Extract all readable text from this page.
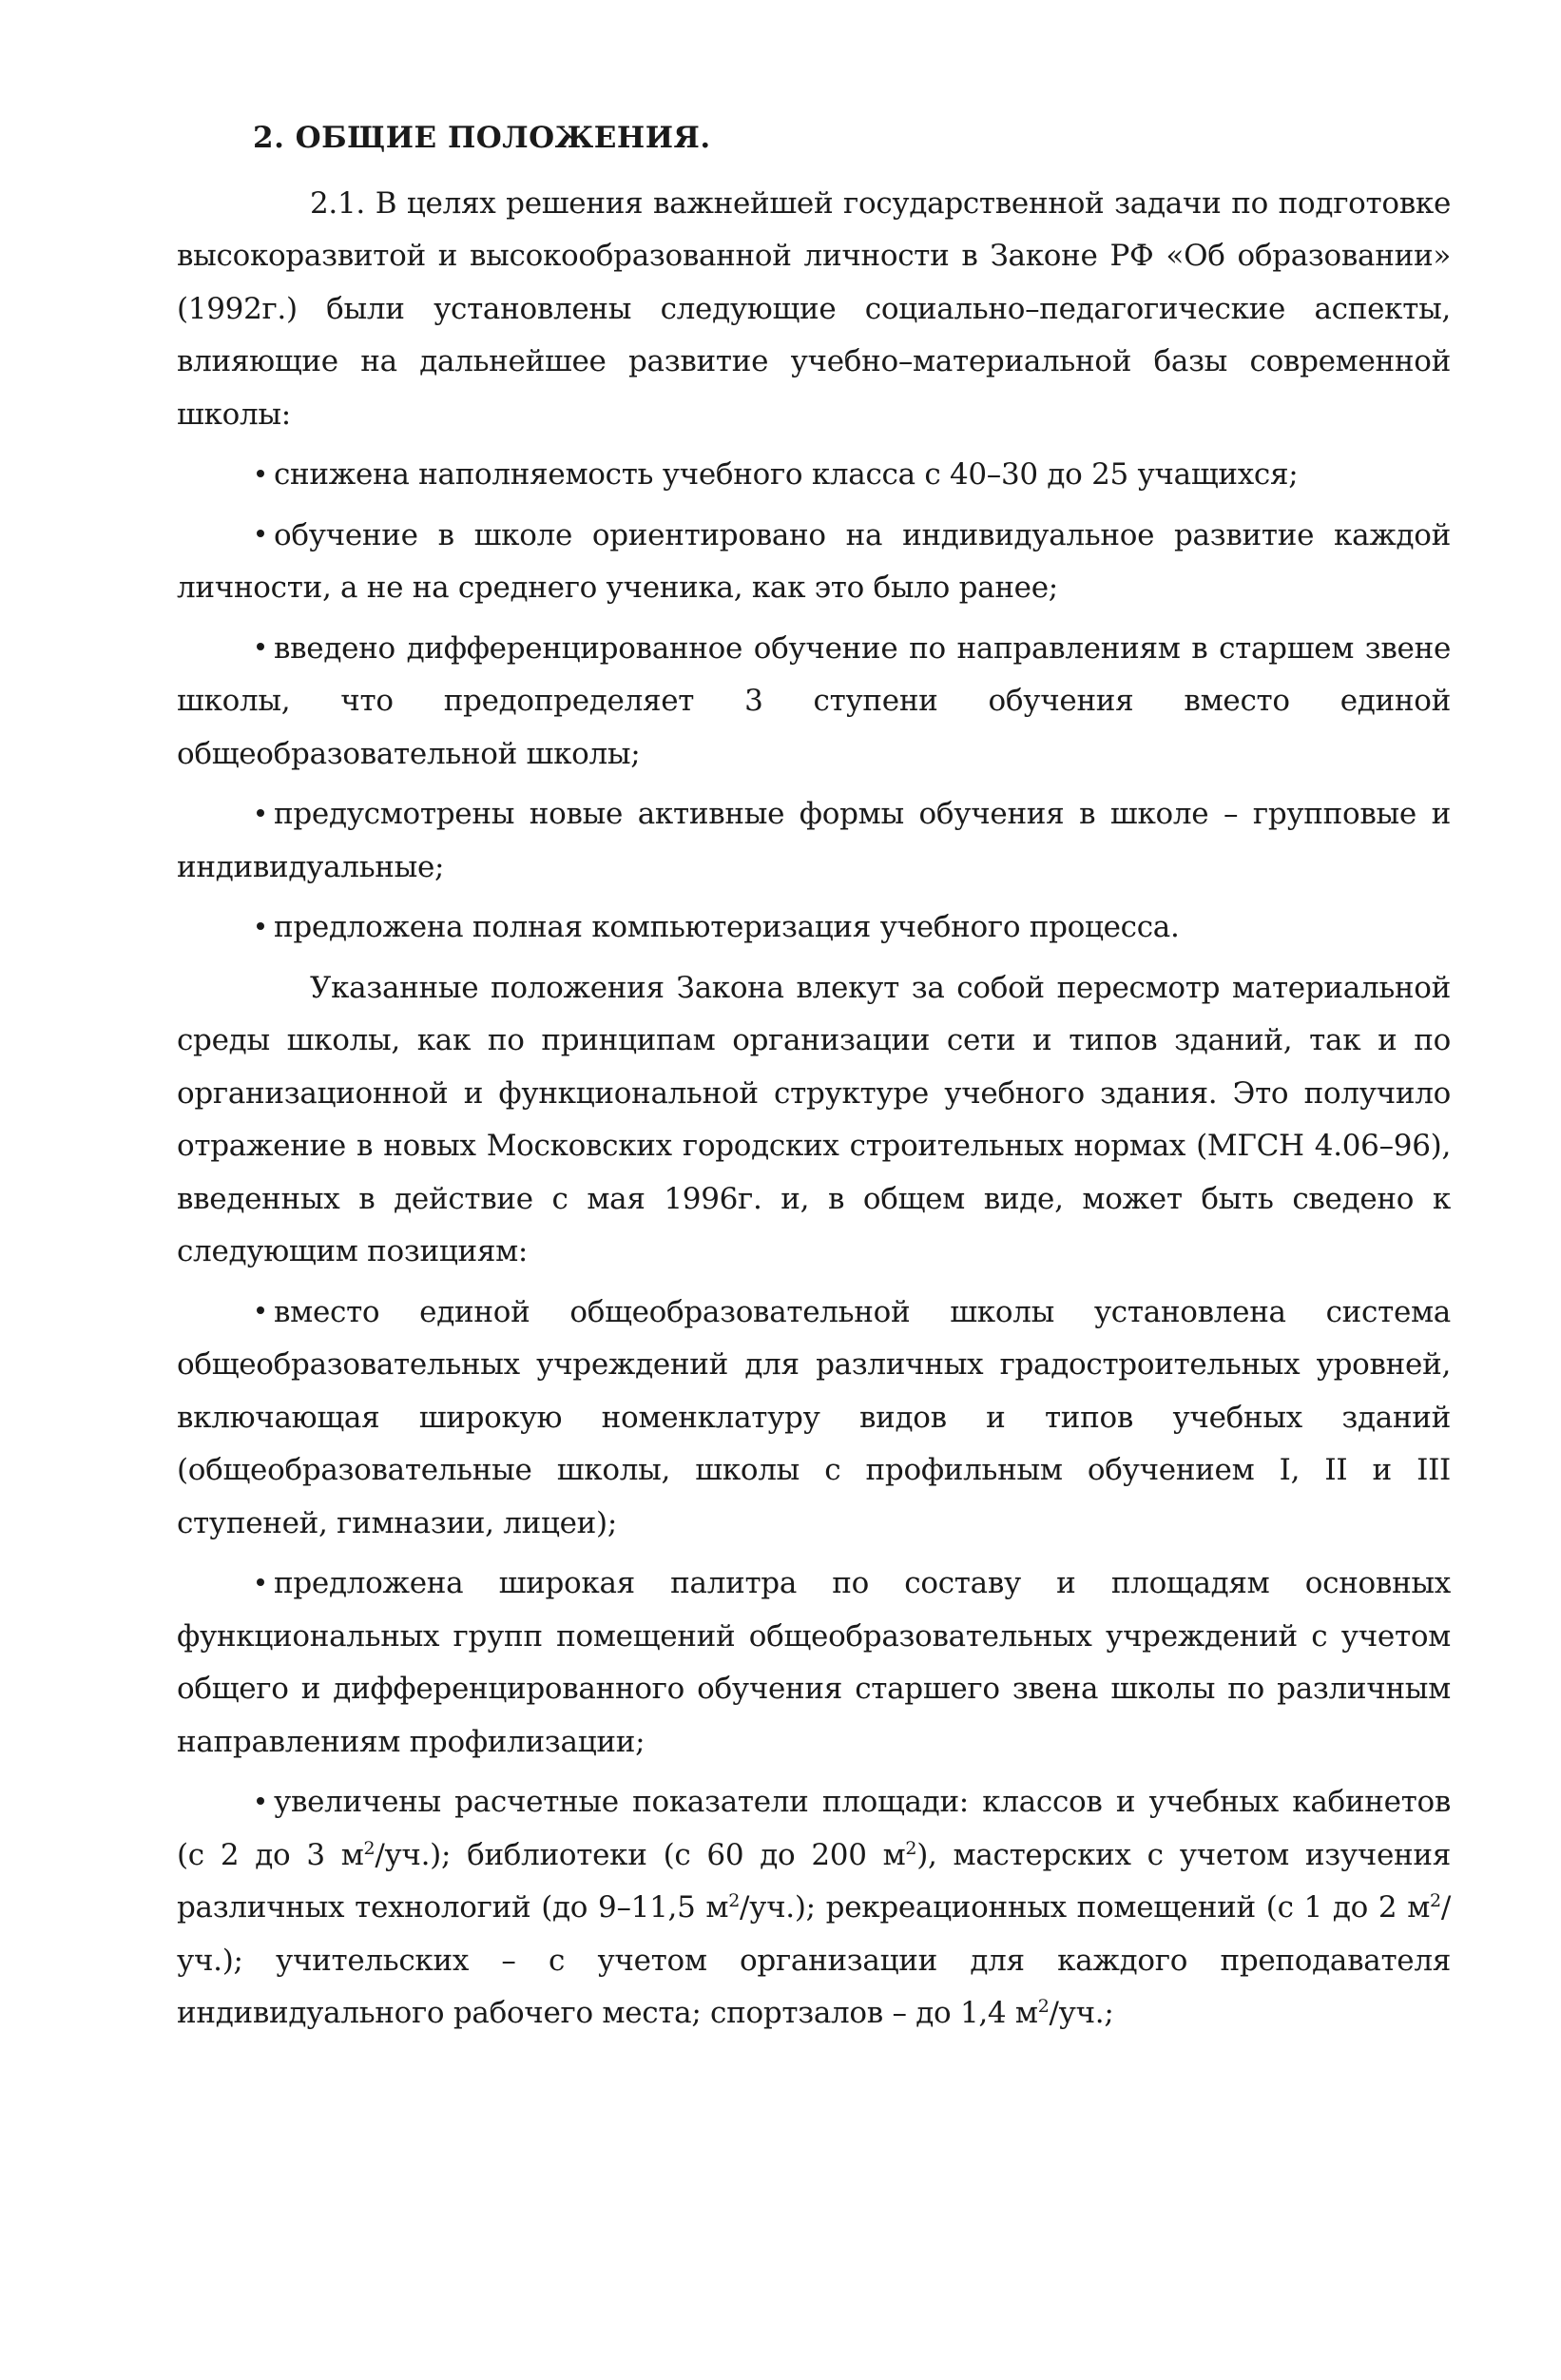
2. ОБЩИЕ ПОЛОЖЕНИЯ.

2.1. В целях решения важнейшей государственной задачи по подготовке высокоразвитой и высокообразованной личности в Законе РФ «Об образовании» (1992г.) были установлены следующие социально–педагогические аспекты, влияющие на дальнейшее развитие учебно–материальной базы современной школы:

снижена наполняемость учебного класса с 40–30 до 25 учащихся;

обучение в школе ориентировано на индивидуальное развитие каждой личности, а не на среднего ученика, как это было ранее;

введено дифференцированное обучение по направлениям в старшем звене школы, что предопределяет 3 ступени обучения вместо единой общеобразовательной школы;

предусмотрены новые активные формы обучения в школе – групповые и индивидуальные;

предложена полная компьютеризация учебного процесса.

Указанные положения Закона влекут за собой пересмотр материальной среды школы, как по принципам организации сети и типов зданий, так и по организационной и функциональной структуре учебного здания. Это получило отражение в новых Московских городских строительных нормах (МГСН 4.06–96), введенных в действие с мая 1996г. и, в общем виде, может быть сведено к следующим позициям:

вместо единой общеобразовательной школы установлена система общеобразовательных учреждений для различных градостроительных уровней, включающая широкую номенклатуру видов и типов учебных зданий (общеобразовательные школы, школы с профильным обучением I, II и III ступеней, гимназии, лицеи);

предложена широкая палитра по составу и площадям основных функциональных групп помещений общеобразовательных учреждений с учетом общего и дифференцированного обучения старшего звена школы по различным направлениям профилизации;

увеличены расчетные показатели площади: классов и учебных кабинетов (с 2 до 3 $м^2/уч$.); библиотеки (с 60 до 200 $м^2$), мастерских с учетом изучения различных технологий (до 9–11,5 $м^2/уч$.); рекреационных помещений (с 1 до 2 $м^2/уч$.); учительских – с учетом организации для каждого преподавателя индивидуального рабочего места; спортзалов – до 1,4 $м^2/уч$.;
